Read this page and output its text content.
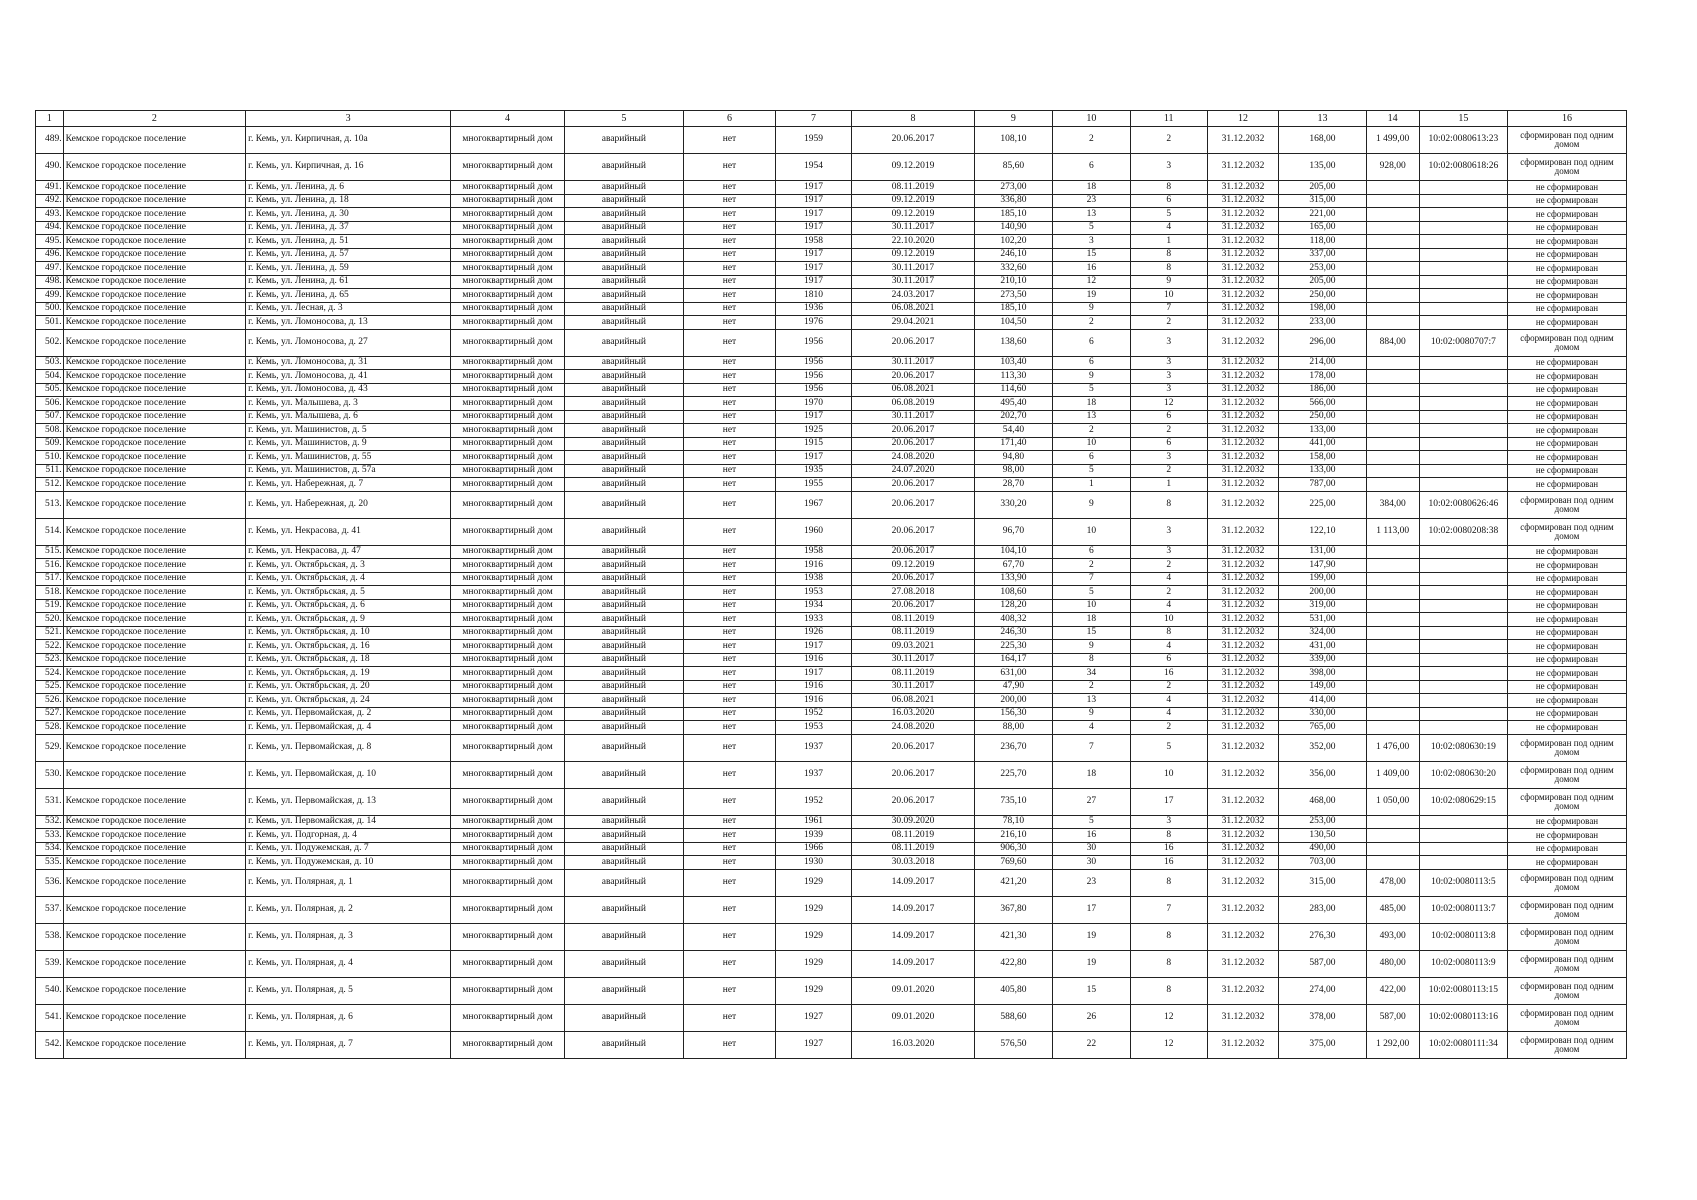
1	2	3	4	5	6	7	8	9	10	11	12	13	14	15	16
489.	Кемское городское поселение	г. Кемь, ул. Кирпичная, д. 10а	многоквартирный дом	аварийный	нет	1959	20.06.2017	108,10	2	2	31.12.2032	168,00	1 499,00	10:02:0080613:23	сформирован под одним домом
490.	Кемское городское поселение	г. Кемь, ул. Кирпичная, д. 16	многоквартирный дом	аварийный	нет	1954	09.12.2019	85,60	6	3	31.12.2032	135,00	928,00	10:02:0080618:26	сформирован под одним домом
491.	Кемское городское поселение	г. Кемь, ул. Ленина, д. 6	многоквартирный дом	аварийный	нет	1917	08.11.2019	273,00	18	8	31.12.2032	205,00			не сформирован
492.	Кемское городское поселение	г. Кемь, ул. Ленина, д. 18	многоквартирный дом	аварийный	нет	1917	09.12.2019	336,80	23	6	31.12.2032	315,00			не сформирован
493.	Кемское городское поселение	г. Кемь, ул. Ленина, д. 30	многоквартирный дом	аварийный	нет	1917	09.12.2019	185,10	13	5	31.12.2032	221,00			не сформирован
494.	Кемское городское поселение	г. Кемь, ул. Ленина, д. 37	многоквартирный дом	аварийный	нет	1917	30.11.2017	140,90	5	4	31.12.2032	165,00			не сформирован
495.	Кемское городское поселение	г. Кемь, ул. Ленина, д. 51	многоквартирный дом	аварийный	нет	1958	22.10.2020	102,20	3	1	31.12.2032	118,00			не сформирован
496.	Кемское городское поселение	г. Кемь, ул. Ленина, д. 57	многоквартирный дом	аварийный	нет	1917	09.12.2019	246,10	15	8	31.12.2032	337,00			не сформирован
497.	Кемское городское поселение	г. Кемь, ул. Ленина, д. 59	многоквартирный дом	аварийный	нет	1917	30.11.2017	332,60	16	8	31.12.2032	253,00			не сформирован
498.	Кемское городское поселение	г. Кемь, ул. Ленина, д. 61	многоквартирный дом	аварийный	нет	1917	30.11.2017	210,10	12	9	31.12.2032	205,00			не сформирован
499.	Кемское городское поселение	г. Кемь, ул. Ленина, д. 65	многоквартирный дом	аварийный	нет	1810	24.03.2017	273,50	19	10	31.12.2032	250,00			не сформирован
500.	Кемское городское поселение	г. Кемь, ул. Лесная, д. 3	многоквартирный дом	аварийный	нет	1936	06.08.2021	185,10	9	7	31.12.2032	198,00			не сформирован
501.	Кемское городское поселение	г. Кемь, ул. Ломоносова, д. 13	многоквартирный дом	аварийный	нет	1976	29.04.2021	104,50	2	2	31.12.2032	233,00			не сформирован
502.	Кемское городское поселение	г. Кемь, ул. Ломоносова, д. 27	многоквартирный дом	аварийный	нет	1956	20.06.2017	138,60	6	3	31.12.2032	296,00	884,00	10:02:0080707:7	сформирован под одним домом
503.	Кемское городское поселение	г. Кемь, ул. Ломоносова, д. 31	многоквартирный дом	аварийный	нет	1956	30.11.2017	103,40	6	3	31.12.2032	214,00			не сформирован
504.	Кемское городское поселение	г. Кемь, ул. Ломоносова, д. 41	многоквартирный дом	аварийный	нет	1956	20.06.2017	113,30	9	3	31.12.2032	178,00			не сформирован
505.	Кемское городское поселение	г. Кемь, ул. Ломоносова, д. 43	многоквартирный дом	аварийный	нет	1956	06.08.2021	114,60	5	3	31.12.2032	186,00			не сформирован
506.	Кемское городское поселение	г. Кемь, ул. Малышева, д. 3	многоквартирный дом	аварийный	нет	1970	06.08.2019	495,40	18	12	31.12.2032	566,00			не сформирован
507.	Кемское городское поселение	г. Кемь, ул. Малышева, д. 6	многоквартирный дом	аварийный	нет	1917	30.11.2017	202,70	13	6	31.12.2032	250,00			не сформирован
508.	Кемское городское поселение	г. Кемь, ул. Машинистов, д. 5	многоквартирный дом	аварийный	нет	1925	20.06.2017	54,40	2	2	31.12.2032	133,00			не сформирован
509.	Кемское городское поселение	г. Кемь, ул. Машинистов, д. 9	многоквартирный дом	аварийный	нет	1915	20.06.2017	171,40	10	6	31.12.2032	441,00			не сформирован
510.	Кемское городское поселение	г. Кемь, ул. Машинистов, д. 55	многоквартирный дом	аварийный	нет	1917	24.08.2020	94,80	6	3	31.12.2032	158,00			не сформирован
511.	Кемское городское поселение	г. Кемь, ул. Машинистов, д. 57а	многоквартирный дом	аварийный	нет	1935	24.07.2020	98,00	5	2	31.12.2032	133,00			не сформирован
512.	Кемское городское поселение	г. Кемь, ул. Набережная, д. 7	многоквартирный дом	аварийный	нет	1955	20.06.2017	28,70	1	1	31.12.2032	787,00			не сформирован
513.	Кемское городское поселение	г. Кемь, ул. Набережная, д. 20	многоквартирный дом	аварийный	нет	1967	20.06.2017	330,20	9	8	31.12.2032	225,00	384,00	10:02:0080626:46	сформирован под одним домом
514.	Кемское городское поселение	г. Кемь, ул. Некрасова, д. 41	многоквартирный дом	аварийный	нет	1960	20.06.2017	96,70	10	3	31.12.2032	122,10	1 113,00	10:02:0080208:38	сформирован под одним домом
515.	Кемское городское поселение	г. Кемь, ул. Некрасова, д. 47	многоквартирный дом	аварийный	нет	1958	20.06.2017	104,10	6	3	31.12.2032	131,00			не сформирован
516.	Кемское городское поселение	г. Кемь, ул. Октябрьская, д. 3	многоквартирный дом	аварийный	нет	1916	09.12.2019	67,70	2	2	31.12.2032	147,90			не сформирован
517.	Кемское городское поселение	г. Кемь, ул. Октябрьская, д. 4	многоквартирный дом	аварийный	нет	1938	20.06.2017	133,90	7	4	31.12.2032	199,00			не сформирован
518.	Кемское городское поселение	г. Кемь, ул. Октябрьская, д. 5	многоквартирный дом	аварийный	нет	1953	27.08.2018	108,60	5	2	31.12.2032	200,00			не сформирован
519.	Кемское городское поселение	г. Кемь, ул. Октябрьская, д. 6	многоквартирный дом	аварийный	нет	1934	20.06.2017	128,20	10	4	31.12.2032	319,00			не сформирован
520.	Кемское городское поселение	г. Кемь, ул. Октябрьская, д. 9	многоквартирный дом	аварийный	нет	1933	08.11.2019	408,32	18	10	31.12.2032	531,00			не сформирован
521.	Кемское городское поселение	г. Кемь, ул. Октябрьская, д. 10	многоквартирный дом	аварийный	нет	1926	08.11.2019	246,30	15	8	31.12.2032	324,00			не сформирован
522.	Кемское городское поселение	г. Кемь, ул. Октябрьская, д. 16	многоквартирный дом	аварийный	нет	1917	09.03.2021	225,30	9	4	31.12.2032	431,00			не сформирован
523.	Кемское городское поселение	г. Кемь, ул. Октябрьская, д. 18	многоквартирный дом	аварийный	нет	1916	30.11.2017	164,17	8	6	31.12.2032	339,00			не сформирован
524.	Кемское городское поселение	г. Кемь, ул. Октябрьская, д. 19	многоквартирный дом	аварийный	нет	1917	08.11.2019	631,00	34	16	31.12.2032	398,00			не сформирован
525.	Кемское городское поселение	г. Кемь, ул. Октябрьская, д. 20	многоквартирный дом	аварийный	нет	1916	30.11.2017	47,90	2	2	31.12.2032	149,00			не сформирован
526.	Кемское городское поселение	г. Кемь, ул. Октябрьская, д. 24	многоквартирный дом	аварийный	нет	1916	06.08.2021	200,00	13	4	31.12.2032	414,00			не сформирован
527.	Кемское городское поселение	г. Кемь, ул. Первомайская, д. 2	многоквартирный дом	аварийный	нет	1952	16.03.2020	156,30	9	4	31.12.2032	330,00			не сформирован
528.	Кемское городское поселение	г. Кемь, ул. Первомайская, д. 4	многоквартирный дом	аварийный	нет	1953	24.08.2020	88,00	4	2	31.12.2032	765,00			не сформирован
529.	Кемское городское поселение	г. Кемь, ул. Первомайская, д. 8	многоквартирный дом	аварийный	нет	1937	20.06.2017	236,70	7	5	31.12.2032	352,00	1 476,00	10:02:080630:19	сформирован под одним домом
530.	Кемское городское поселение	г. Кемь, ул. Первомайская, д. 10	многоквартирный дом	аварийный	нет	1937	20.06.2017	225,70	18	10	31.12.2032	356,00	1 409,00	10:02:080630:20	сформирован под одним домом
531.	Кемское городское поселение	г. Кемь, ул. Первомайская, д. 13	многоквартирный дом	аварийный	нет	1952	20.06.2017	735,10	27	17	31.12.2032	468,00	1 050,00	10:02:080629:15	сформирован под одним домом
532.	Кемское городское поселение	г. Кемь, ул. Первомайская, д. 14	многоквартирный дом	аварийный	нет	1961	30.09.2020	78,10	5	3	31.12.2032	253,00			не сформирован
533.	Кемское городское поселение	г. Кемь, ул. Подгорная, д. 4	многоквартирный дом	аварийный	нет	1939	08.11.2019	216,10	16	8	31.12.2032	130,50			не сформирован
534.	Кемское городское поселение	г. Кемь, ул. Подужемская, д. 7	многоквартирный дом	аварийный	нет	1966	08.11.2019	906,30	30	16	31.12.2032	490,00			не сформирован
535.	Кемское городское поселение	г. Кемь, ул. Подужемская, д. 10	многоквартирный дом	аварийный	нет	1930	30.03.2018	769,60	30	16	31.12.2032	703,00			не сформирован
536.	Кемское городское поселение	г. Кемь, ул. Полярная, д. 1	многоквартирный дом	аварийный	нет	1929	14.09.2017	421,20	23	8	31.12.2032	315,00	478,00	10:02:0080113:5	сформирован под одним домом
537.	Кемское городское поселение	г. Кемь, ул. Полярная, д. 2	многоквартирный дом	аварийный	нет	1929	14.09.2017	367,80	17	7	31.12.2032	283,00	485,00	10:02:0080113:7	сформирован под одним домом
538.	Кемское городское поселение	г. Кемь, ул. Полярная, д. 3	многоквартирный дом	аварийный	нет	1929	14.09.2017	421,30	19	8	31.12.2032	276,30	493,00	10:02:0080113:8	сформирован под одним домом
539.	Кемское городское поселение	г. Кемь, ул. Полярная, д. 4	многоквартирный дом	аварийный	нет	1929	14.09.2017	422,80	19	8	31.12.2032	587,00	480,00	10:02:0080113:9	сформирован под одним домом
540.	Кемское городское поселение	г. Кемь, ул. Полярная, д. 5	многоквартирный дом	аварийный	нет	1929	09.01.2020	405,80	15	8	31.12.2032	274,00	422,00	10:02:0080113:15	сформирован под одним домом
541.	Кемское городское поселение	г. Кемь, ул. Полярная, д. 6	многоквартирный дом	аварийный	нет	1927	09.01.2020	588,60	26	12	31.12.2032	378,00	587,00	10:02:0080113:16	сформирован под одним домом
542.	Кемское городское поселение	г. Кемь, ул. Полярная, д. 7	многоквартирный дом	аварийный	нет	1927	16.03.2020	576,50	22	12	31.12.2032	375,00	1 292,00	10:02:0080111:34	сформирован под одним домом
